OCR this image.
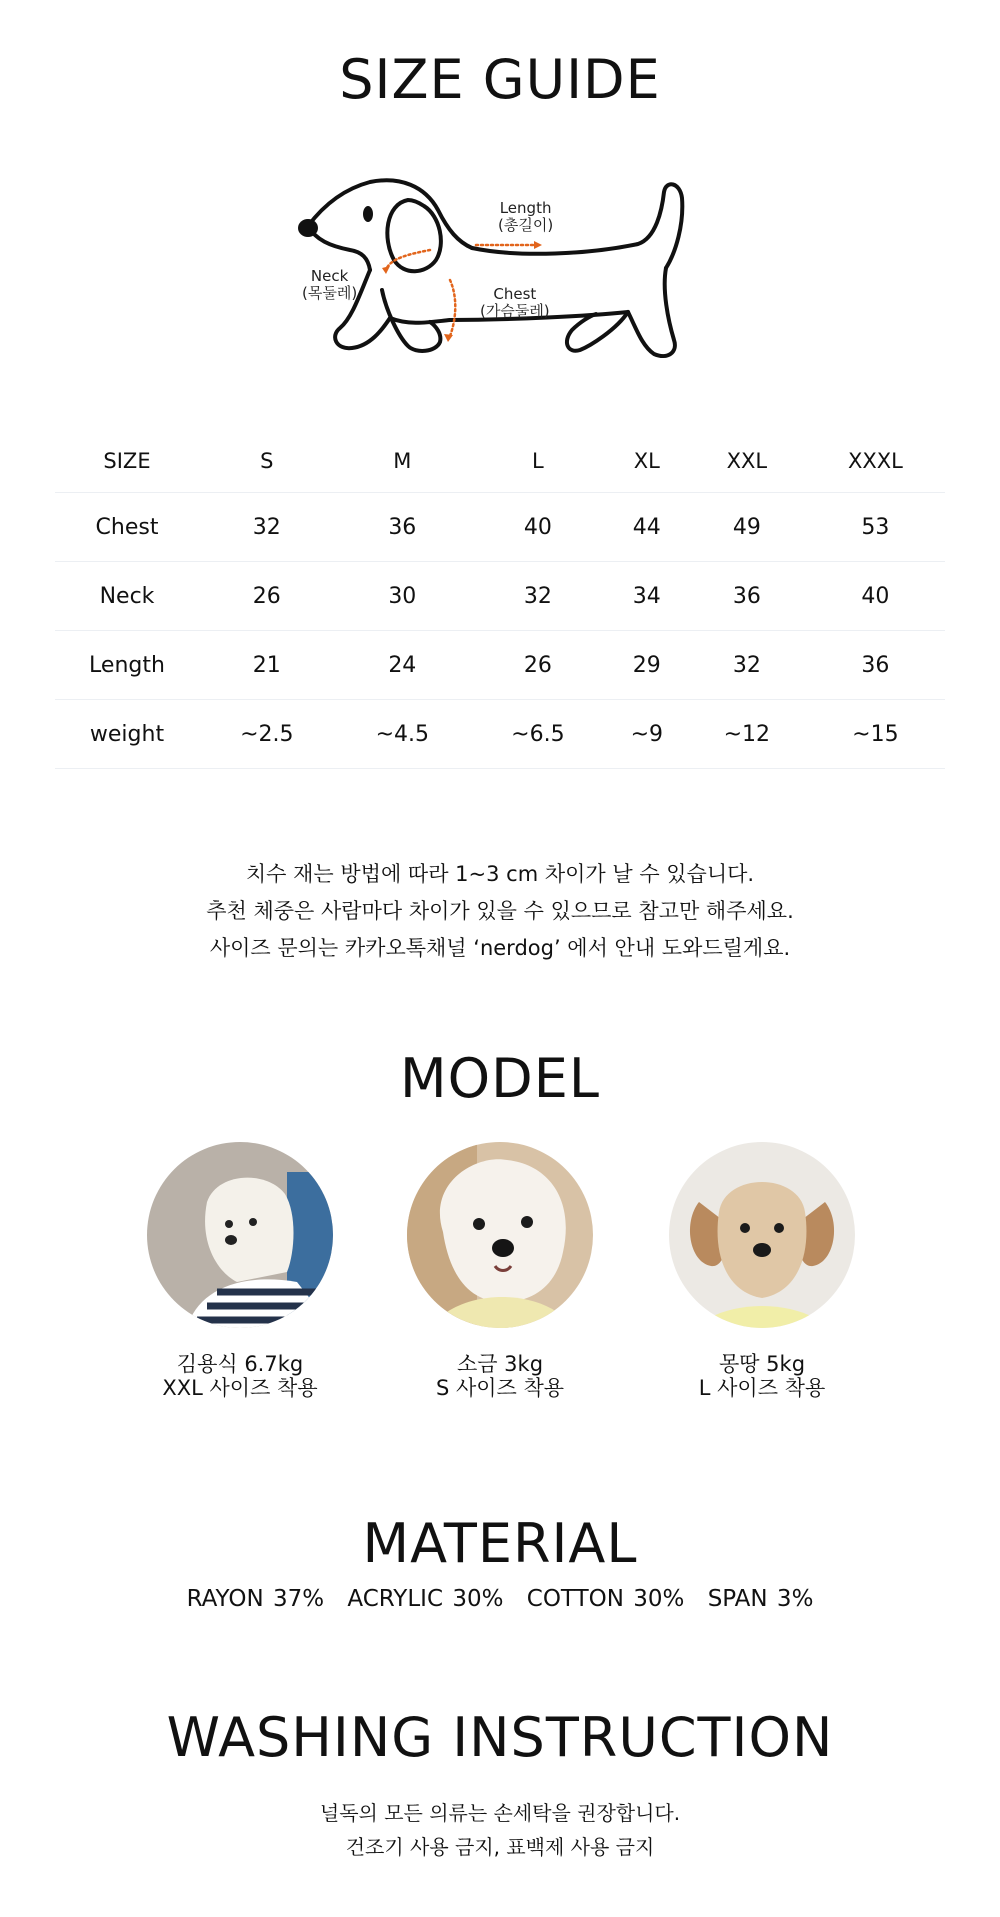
SIZE GUIDE
Length
(총길이)
Neck
(목둘레)	Chest
(가슴둘레)
SIZE	S	M	L	XL	XXL	XXXL
Chest	32	36	40	44	49	53
Neck	26	30	32	34	36	40
Length	21	24	26	29	32	36
weight	~2.5	~4.5	~6.5	~9	~12	~15
치수 재는 방법에 따라 1~3 cm 차이가 날 수 있습니다.
추천 체중은 사람마다 차이가 있을 수 있으므로 참고만 해주세요.
사이즈 문의는 카카오톡채널 ‘nerdog’ 에서 안내 도와드릴게요.
MODEL
김용식 6.7kg
XXL 사이즈 착용
소금 3kg
S 사이즈 착용
몽땅 5kg
L 사이즈 착용
MATERIAL
RAYON 37% ACRYLIC 30% COTTON 30% SPAN 3%
WASHING INSTRUCTION
널독의 모든 의류는 손세탁을 권장합니다.
건조기 사용 금지, 표백제 사용 금지
